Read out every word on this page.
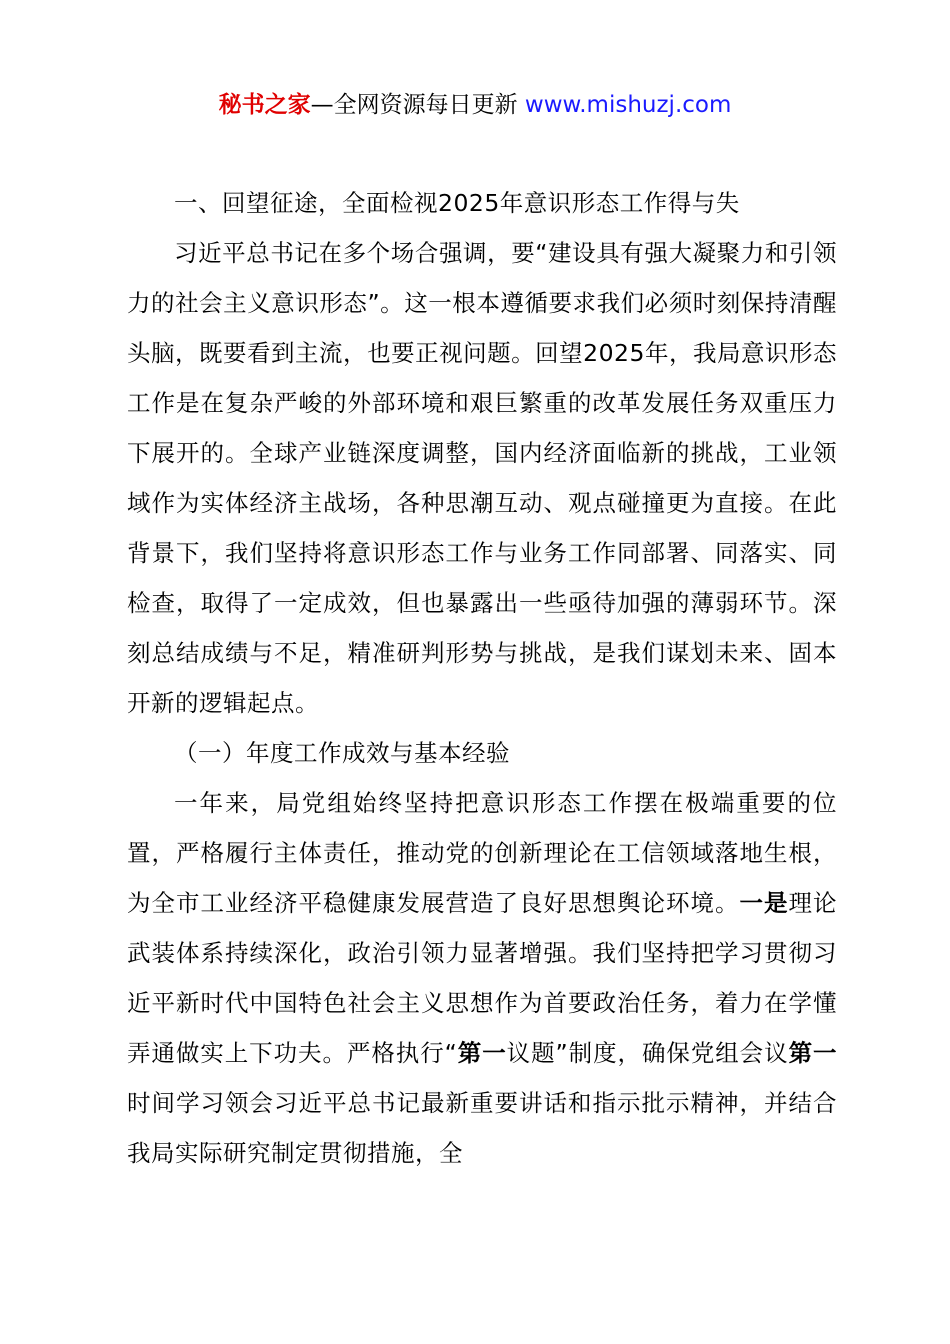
秘书之家—全网资源每日更新 www.mishuzj.com

一、回望征途，全面检视2025年意识形态工作得与失

习近平总书记在多个场合强调，要“建设具有强大凝聚力和引领力的社会主义意识形态”。这一根本遵循要求我们必须时刻保持清醒头脑，既要看到主流，也要正视问题。回望2025年，我局意识形态工作是在复杂严峻的外部环境和艰巨繁重的改革发展任务双重压力下展开的。全球产业链深度调整，国内经济面临新的挑战，工业领域作为实体经济主战场，各种思潮互动、观点碰撞更为直接。在此背景下，我们坚持将意识形态工作与业务工作同部署、同落实、同检查，取得了一定成效，但也暴露出一些亟待加强的薄弱环节。深刻总结成绩与不足，精准研判形势与挑战，是我们谋划未来、固本开新的逻辑起点。

（一）年度工作成效与基本经验

一年来，局党组始终坚持把意识形态工作摆在极端重要的位置，严格履行主体责任，推动党的创新理论在工信领域落地生根，为全市工业经济平稳健康发展营造了良好思想舆论环境。一是理论武装体系持续深化，政治引领力显著增强。我们坚持把学习贯彻习近平新时代中国特色社会主义思想作为首要政治任务，着力在学懂弄通做实上下功夫。严格执行“第一议题”制度，确保党组会议第一时间学习领会习近平总书记最新重要讲话和指示批示精神，并结合我局实际研究制定贯彻措施，全
